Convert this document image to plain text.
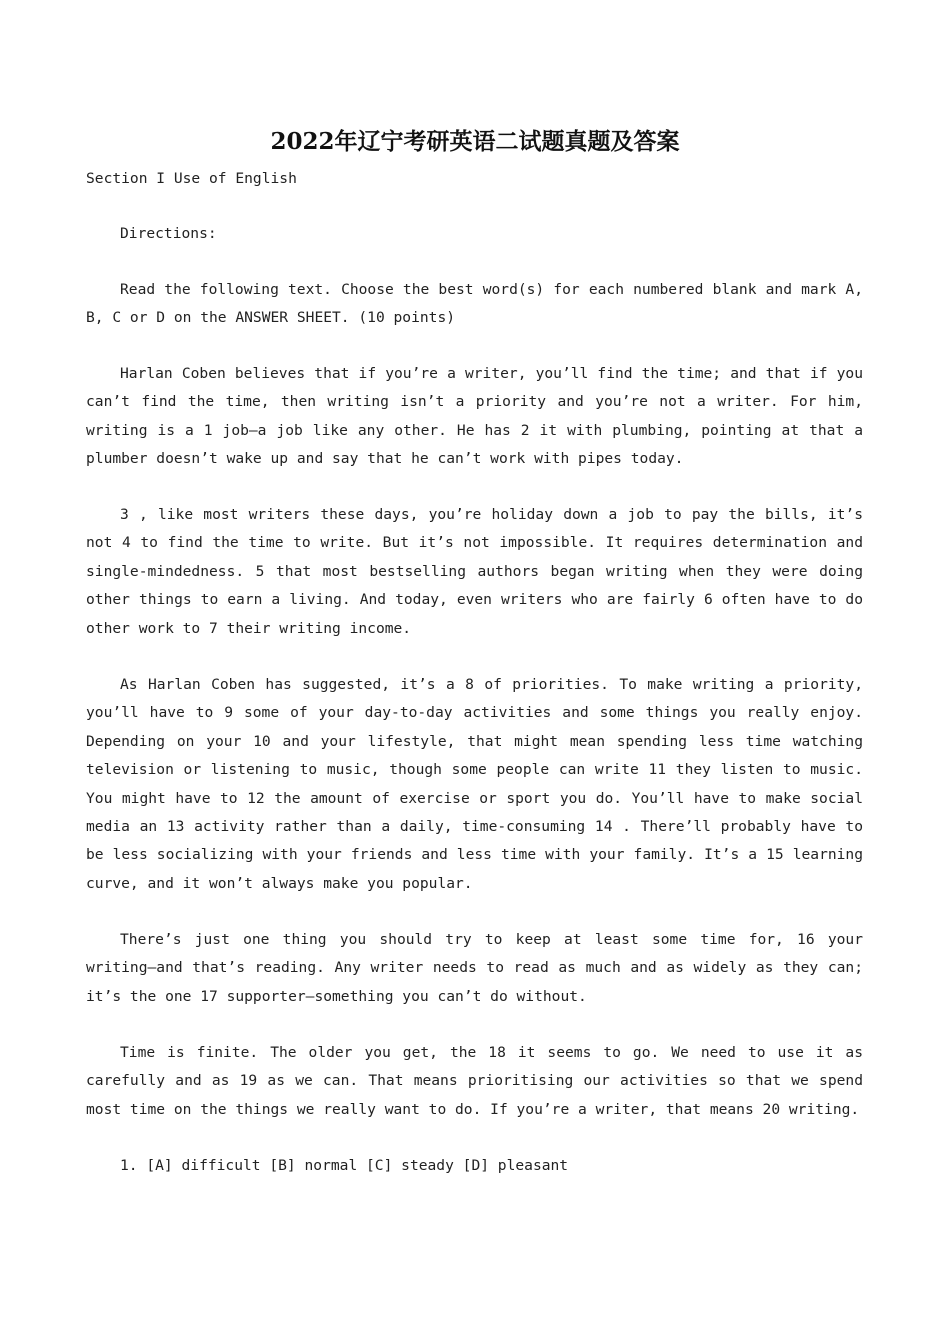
2022年辽宁考研英语二试题真题及答案

Section I Use of English

Directions:

Read the following text. Choose the best word(s) for each numbered blank and mark A, B, C or D on the ANSWER SHEET. (10 points)

Harlan Coben believes that if you’re a writer, you’ll find the time; and that if you can’t find the time, then writing isn’t a priority and you’re not a writer. For him, writing is a 1 job–a job like any other. He has 2 it with plumbing, pointing at that a plumber doesn’t wake up and say that he can’t work with pipes today.

3 , like most writers these days, you’re holiday down a job to pay the bills, it’s not 4 to find the time to write. But it’s not impossible. It requires determination and single-mindedness. 5 that most bestselling authors began writing when they were doing other things to earn a living. And today, even writers who are fairly 6 often have to do other work to 7 their writing income.

As Harlan Coben has suggested, it’s a 8 of priorities. To make writing a priority, you’ll have to 9 some of your day-to-day activities and some things you really enjoy. Depending on your 10 and your lifestyle, that might mean spending less time watching television or listening to music, though some people can write 11 they listen to music. You might have to 12 the amount of exercise or sport you do. You’ll have to make social media an 13 activity rather than a daily, time-consuming 14 . There’ll probably have to be less socializing with your friends and less time with your family. It’s a 15 learning curve, and it won’t always make you popular.

There’s just one thing you should try to keep at least some time for, 16 your writing–and that’s reading. Any writer needs to read as much and as widely as they can; it’s the one 17 supporter–something you can’t do without.

Time is finite. The older you get, the 18 it seems to go. We need to use it as carefully and as 19 as we can. That means prioritising our activities so that we spend most time on the things we really want to do. If you’re a writer, that means 20 writing.

1. [A] difficult [B] normal [C] steady [D] pleasant
